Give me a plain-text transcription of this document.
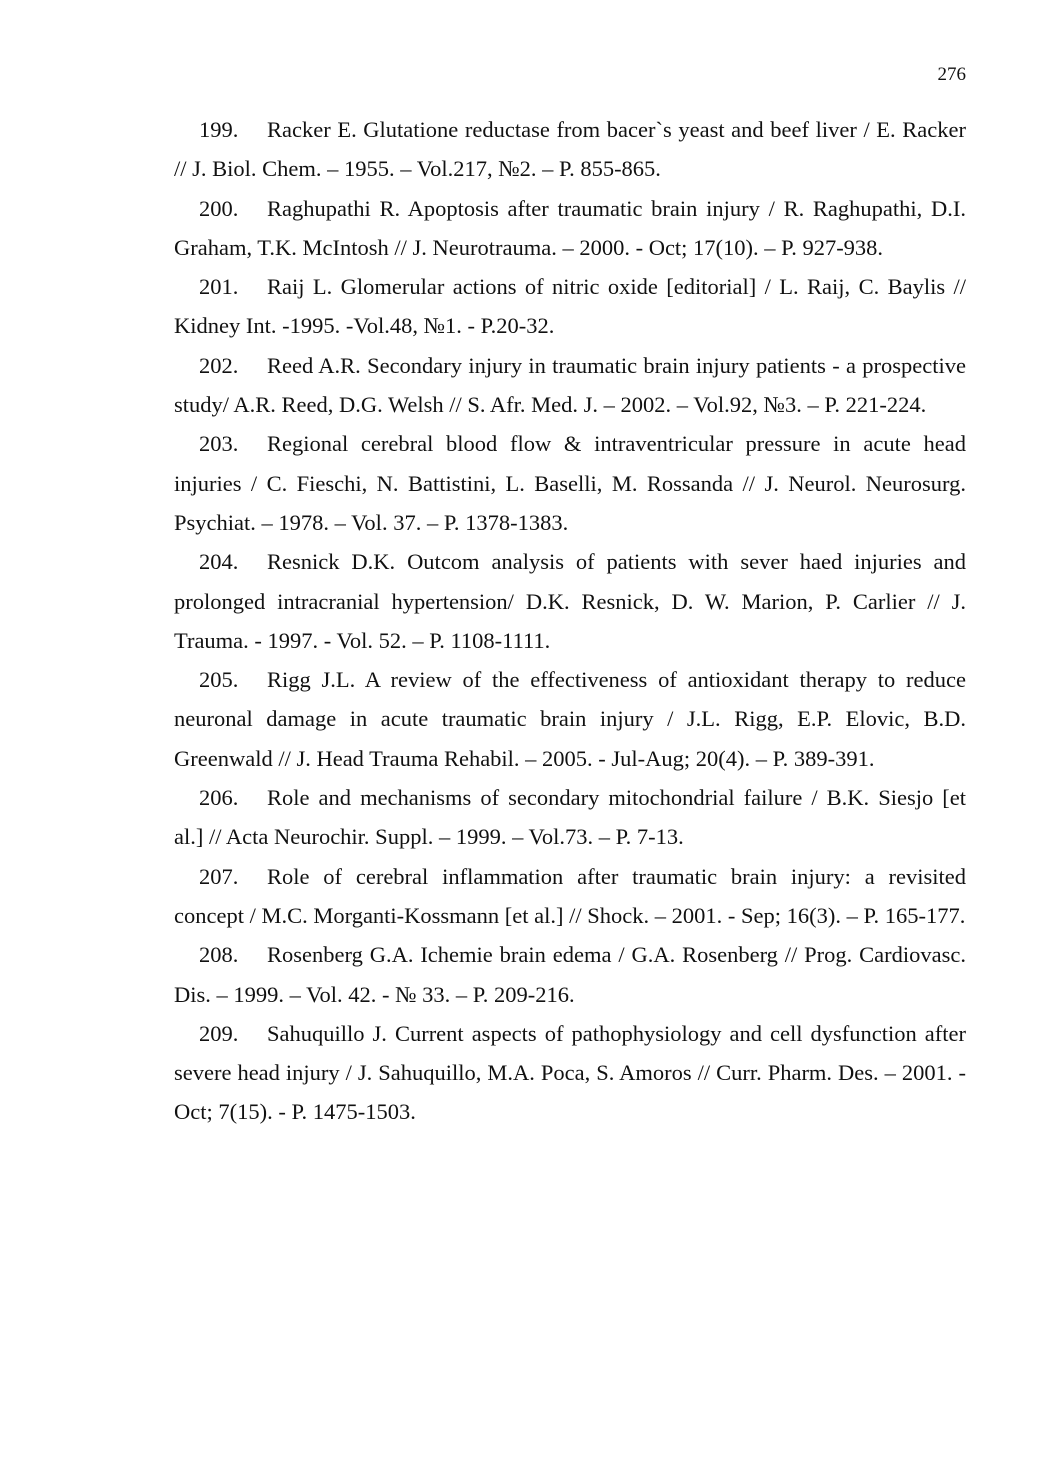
276

199. Racker E. Glutatione reductase from bacer`s yeast and beef liver / E. Racker // J. Biol. Chem. – 1955. – Vol.217, №2. – P. 855-865.

200. Raghupathi R. Apoptosis after traumatic brain injury / R. Raghupathi, D.I. Graham, T.K. McIntosh // J. Neurotrauma. – 2000. - Oct; 17(10). – P. 927-938.

201. Raij L. Glomerular actions of nitric oxide [editorial] / L. Raij, C. Baylis // Kidney Int. -1995. -Vol.48, №1. - P.20-32.

202. Reed A.R. Secondary injury in traumatic brain injury patients - a prospective study/ A.R. Reed, D.G. Welsh // S. Afr. Med. J. – 2002. – Vol.92, №3. – P. 221-224.

203. Regional cerebral blood flow & intraventricular pressure in acute head injuries / C. Fieschi, N. Battistini, L. Baselli, M. Rossanda // J. Neurol. Neurosurg. Psychiat. – 1978. – Vol. 37. – P. 1378-1383.

204. Resnick D.K. Outcom analysis of patients with sever haed injuries and prolonged intracranial hypertension/ D.K. Resnick, D. W. Marion, P. Carlier // J. Trauma. - 1997. - Vol. 52. – P. 1108-1111.

205. Rigg J.L. A review of the effectiveness of antioxidant therapy to reduce neuronal damage in acute traumatic brain injury / J.L. Rigg, E.P. Elovic, B.D. Greenwald // J. Head Trauma Rehabil. – 2005. - Jul-Aug; 20(4). – P. 389-391.

206. Role and mechanisms of secondary mitochondrial failure / B.K. Siesjo [et al.] // Acta Neurochir. Suppl. – 1999. – Vol.73. – P. 7-13.

207. Role of cerebral inflammation after traumatic brain injury: a revisited concept / M.C. Morganti-Kossmann [et al.] // Shock. – 2001. - Sep; 16(3). – P. 165-177.

208. Rosenberg G.A. Ichemie brain edema / G.A. Rosenberg // Prog. Cardiovasc. Dis. – 1999. – Vol. 42. - № 33. – P. 209-216.

209. Sahuquillo J. Current aspects of pathophysiology and cell dysfunction after severe head injury / J. Sahuquillo, M.A. Poca, S. Amoros // Curr. Pharm. Des. – 2001. - Oct; 7(15). - P. 1475-1503.
